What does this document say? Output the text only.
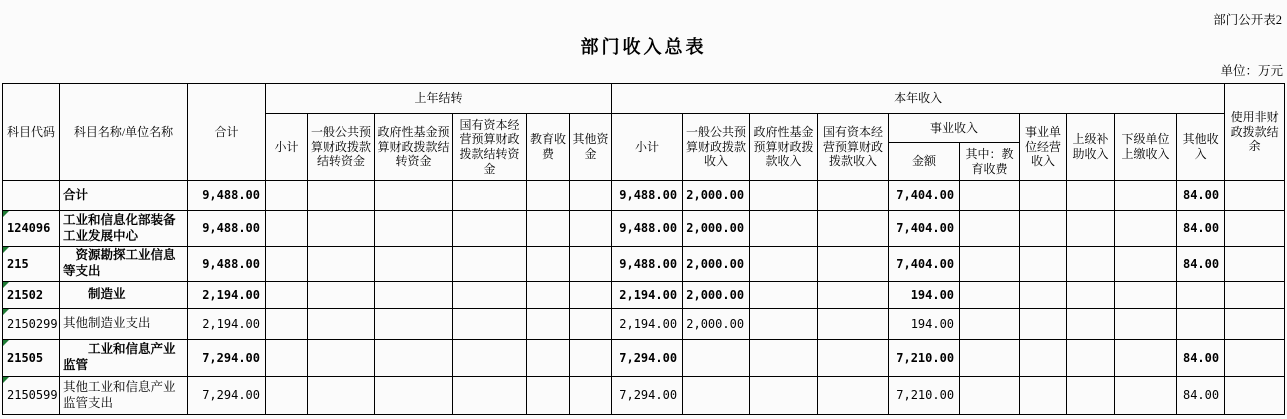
部门公开表2
部门收入总表
单位：万元
科目代码	科目名称/单位名称	合计	上年结转						本年收入										使用非财政拨款结余
			小计	一般公共预算财政拨款结转资金	政府性基金预算财政拨款结转资金	国有资本经营预算财政拨款结转资金	教育收费	其他资金	小计	一般公共预算财政拨款收入	政府性基金预算财政拨款收入	国有资本经营预算财政拨款收入	事业收入		事业单位经营收入	上级补助收入	下级单位上缴收入	其他收入	
													金额	其中：教育收费					
	合计	9,488.00							9,488.00	2,000.00			7,404.00					84.00	

124096	工业和信息化部装备工业发展中心	9,488.00							9,488.00	2,000.00			7,404.00					84.00	

215	资源勘探工业信息等支出	9,488.00							9,488.00	2,000.00			7,404.00					84.00	

21502	制造业	2,194.00							2,194.00	2,000.00			194.00						

2150299	其他制造业支出	2,194.00							2,194.00	2,000.00			194.00						

21505	工业和信息产业监管	7,294.00							7,294.00				7,210.00					84.00	

2150599	其他工业和信息产业监管支出	7,294.00							7,294.00				7,210.00					84.00	
